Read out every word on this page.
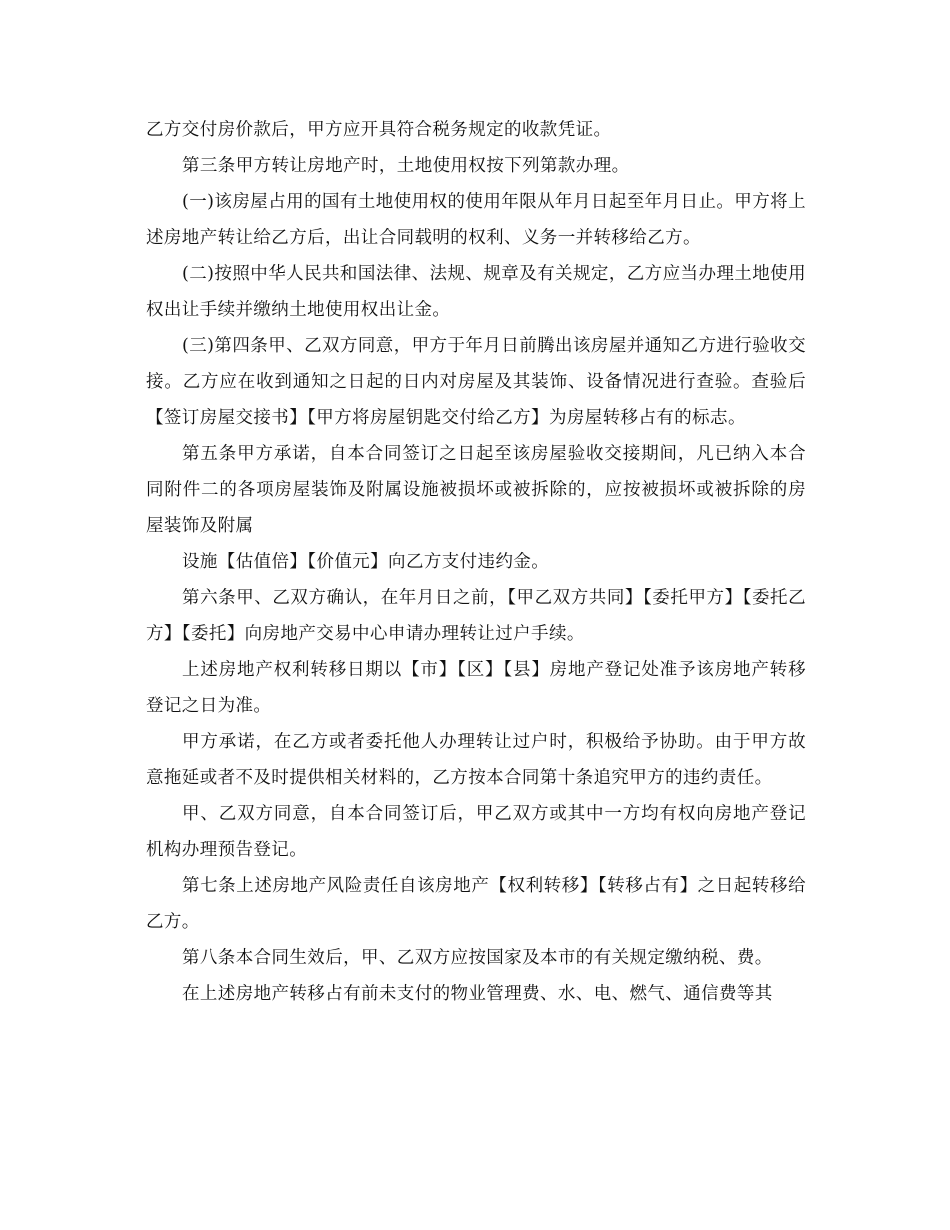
乙方交付房价款后，甲方应开具符合税务规定的收款凭证。

第三条甲方转让房地产时，土地使用权按下列第款办理。

(一)该房屋占用的国有土地使用权的使用年限从年月日起至年月日止。甲方将上述房地产转让给乙方后，出让合同载明的权利、义务一并转移给乙方。

(二)按照中华人民共和国法律、法规、规章及有关规定，乙方应当办理土地使用权出让手续并缴纳土地使用权出让金。

(三)第四条甲、乙双方同意，甲方于年月日前腾出该房屋并通知乙方进行验收交接。乙方应在收到通知之日起的日内对房屋及其装饰、设备情况进行查验。查验后【签订房屋交接书】【甲方将房屋钥匙交付给乙方】为房屋转移占有的标志。

第五条甲方承诺，自本合同签订之日起至该房屋验收交接期间，凡已纳入本合同附件二的各项房屋装饰及附属设施被损坏或被拆除的，应按被损坏或被拆除的房屋装饰及附属

设施【估值倍】【价值元】向乙方支付违约金。

第六条甲、乙双方确认，在年月日之前，【甲乙双方共同】【委托甲方】【委托乙方】【委托】向房地产交易中心申请办理转让过户手续。

上述房地产权利转移日期以【市】【区】【县】房地产登记处准予该房地产转移登记之日为准。

甲方承诺，在乙方或者委托他人办理转让过户时，积极给予协助。由于甲方故意拖延或者不及时提供相关材料的，乙方按本合同第十条追究甲方的违约责任。

甲、乙双方同意，自本合同签订后，甲乙双方或其中一方均有权向房地产登记机构办理预告登记。

第七条上述房地产风险责任自该房地产【权利转移】【转移占有】之日起转移给乙方。

第八条本合同生效后，甲、乙双方应按国家及本市的有关规定缴纳税、费。

在上述房地产转移占有前未支付的物业管理费、水、电、燃气、通信费等其
